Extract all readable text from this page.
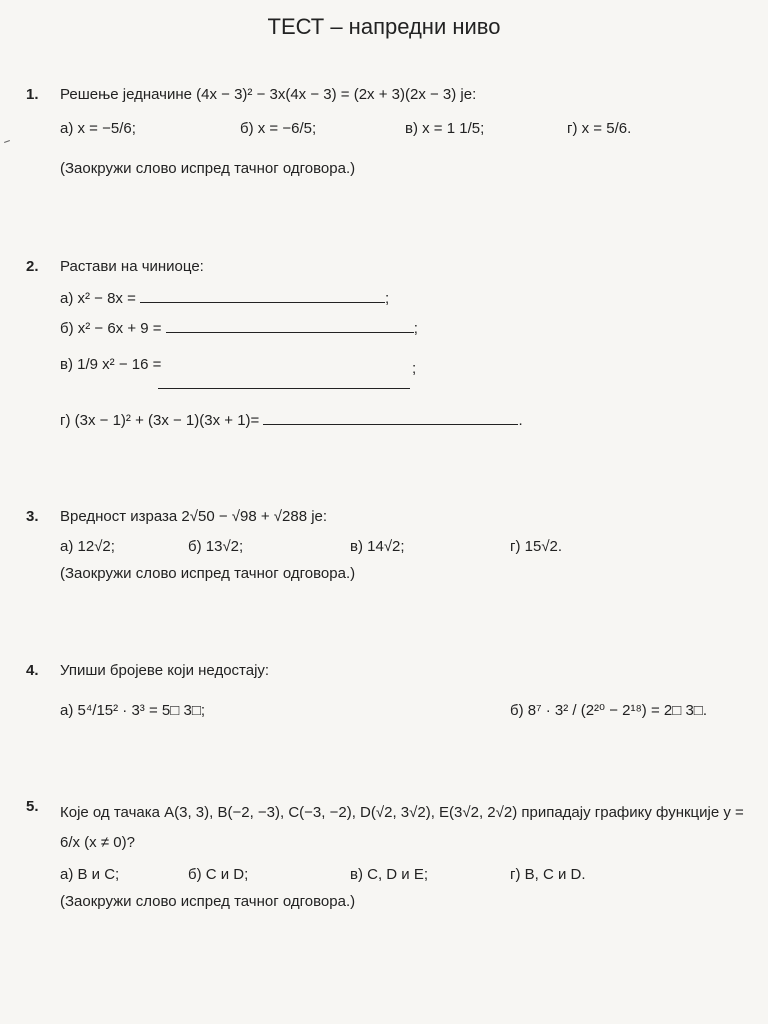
ТЕСТ – напредни ниво
1. Решење једначине (4x − 3)² − 3x(4x − 3) = (2x + 3)(2x − 3) је:
а) x = −5/6;	б) x = −6/5;	в) x = 1 1/5;	г) x = 5/6.
(Заокружи слово испред тачног одговора.)
2. Растави на чиниоце:
а) x² − 8x =	;
б) x² − 6x + 9 =	;
в) 1/9 x² − 16 =	;
г) (3x − 1)² + (3x − 1)(3x + 1)=	.
3. Вредност израза 2√50 − √98 + √288 је:
а) 12√2;	б) 13√2;	в) 14√2;	г) 15√2.
(Заокружи слово испред тачног одговора.)
4. Упиши бројеве који недостају:
а) 5⁴/15² · 3³ = 5□ 3□;	б) 8⁷ · 3² / (2²⁰ − 2¹⁸) = 2□ 3□.
5. Које од тачака A(3, 3), B(−2, −3), C(−3, −2), D(√2, 3√2), E(3√2, 2√2) припадају графику функције y = 6/x (x ≠ 0)?
а) B и C;	б) C и D;	в) C, D и E;	г) B, C и D.
(Заокружи слово испред тачног одговора.)
